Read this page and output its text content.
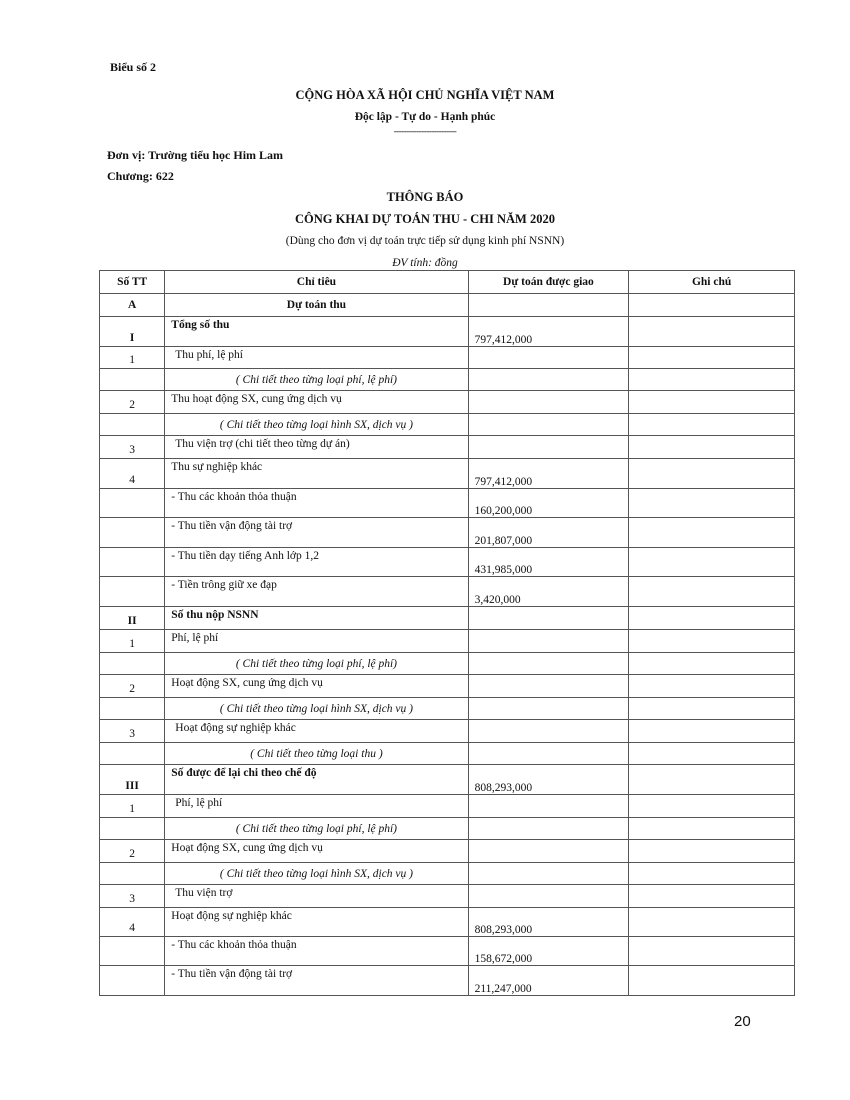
Biểu số 2
CỘNG HÒA XÃ HỘI CHỦ NGHĨA VIỆT NAM
Độc lập - Tự do - Hạnh phúc
-------------------------
Đơn vị: Trường tiểu học Him Lam
Chương: 622
THÔNG BÁO
CÔNG KHAI DỰ TOÁN THU - CHI NĂM 2020
(Dùng cho đơn vị dự toán trực tiếp sử dụng kinh phí NSNN)
ĐV tính: đồng
Số TT	Chỉ tiêu	Dự toán được giao	Ghi chú
A	Dự toán thu		
I	Tổng số thu	797,412,000	
1	Thu phí, lệ phí		
	( Chi tiết theo từng loại phí, lệ phí)		
2	Thu hoạt động SX, cung ứng dịch vụ		
	( Chi tiết theo từng loại hình SX, dịch vụ )		
3	Thu viện trợ (chi tiết theo từng dự án)		
4	Thu sự nghiệp khác	797,412,000	
	- Thu các khoản thỏa thuận	160,200,000	
	- Thu tiền vận động tài trợ	201,807,000	
	- Thu tiền dạy tiếng Anh lớp 1,2	431,985,000	
	- Tiền trông giữ xe đạp	3,420,000	
II	Số thu nộp NSNN		
1	Phí, lệ phí		
	( Chi tiết theo từng loại phí, lệ phí)		
2	Hoạt động SX, cung ứng dịch vụ		
	( Chi tiết theo từng loại hình SX, dịch vụ )		
3	Hoạt động sự nghiệp khác		
	( Chi tiết theo từng loại thu )		
III	Số được để lại chi theo chế độ	808,293,000	
1	Phí, lệ phí		
	( Chi tiết theo từng loại phí, lệ phí)		
2	Hoạt động SX, cung ứng dịch vụ		
	( Chi tiết theo từng loại hình SX, dịch vụ )		
3	Thu viện trợ		
4	Hoạt động sự nghiệp khác	808,293,000	
	- Thu các khoản thỏa thuận	158,672,000	
	- Thu tiền vận động tài trợ	211,247,000	
20
